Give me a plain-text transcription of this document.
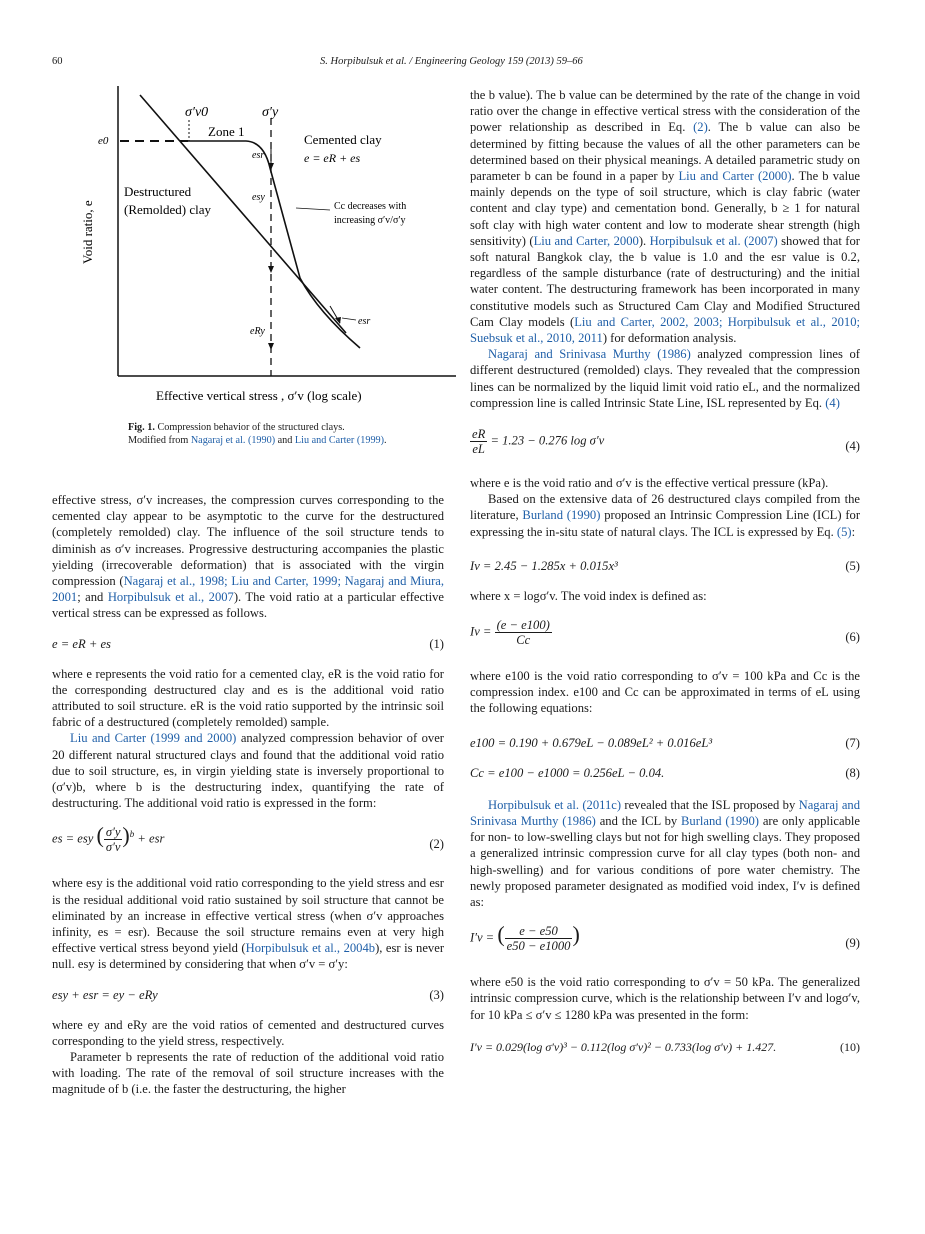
60	S. Horpibulsuk et al. / Engineering Geology 159 (2013) 59–66
σ′v0	σ′y
Zone 1
e0	Cemented clay
e = eR + es
esr
esy
Destructured
(Remolded) clay	Cc decreases with
increasing σ′v/σ′y
Void ratio, e
esr
eRy
Effective vertical stress , σ′v (log scale)
Fig. 1. Compression behavior of the structured clays.
Modified from Nagaraj et al. (1990) and Liu and Carter (1999).

effective stress, σ′v increases, the compression curves corresponding to the cemented clay appear to be asymptotic to the curve for the destructured (completely remolded) clay. The influence of the soil structure tends to diminish as σ′v increases. Progressive destructuring accompanies the plastic yielding (irrecoverable deformation) that is associated with the virgin compression (Nagaraj et al., 1998; Liu and Carter, 1999; Nagaraj and Miura, 2001; and Horpibulsuk et al., 2007). The void ratio at a particular effective vertical stress can be expressed as follows.

e = eR + es	(1)

where e represents the void ratio for a cemented clay, eR is the void ratio for the corresponding destructured clay and es is the additional void ratio attributed to soil structure. eR is the void ratio supported by the intrinsic soil fabric of a destructured (completely remolded) sample.

Liu and Carter (1999 and 2000) analyzed compression behavior of over 20 different natural structured clays and found that the additional void ratio due to soil structure, es, in virgin yielding state is inversely proportional to (σ′v)b, where b is the destructuring index, quantifying the rate of destructuring. The additional void ratio is expressed in the form:

es = esy ( $\frac{\sigma'y}{\sigma'v} )^b$ + esr	(2)

where esy is the additional void ratio corresponding to the yield stress and esr is the residual additional void ratio sustained by soil structure that cannot be eliminated by an increase in effective vertical stress (when σ′v approaches infinity, es = esr). Because the soil structure remains even at very high effective vertical stress beyond yield (Horpibulsuk et al., 2004b), esr is never null. esy is determined by considering that when σ′v = σ′y:

esy + esr = ey − eRy	(3)

where ey and eRy are the void ratios of cemented and destructured curves corresponding to the yield stress, respectively.

Parameter b represents the rate of reduction of the additional void ratio with loading. The rate of the removal of soil structure increases with the magnitude of b (i.e. the faster the destructuring, the higher

the b value). The b value can be determined by the rate of the change in void ratio over the change in effective vertical stress with the consideration of the power relationship as described in Eq. (2). The b value can also be determined by fitting because the values of all the other parameters can be determined based on their physical meanings. A detailed parametric study on parameter b can be found in a paper by Liu and Carter (2000). The b value mainly depends on the type of soil structure, which is clay fabric (water content and clay type) and cementation bond. Generally, b ≥ 1 for natural soft clay with high water content and low to moderate shear strength (high sensitivity) (Liu and Carter, 2000). Horpibulsuk et al. (2007) showed that for soft natural Bangkok clay, the b value is 1.0 and the esr value is 0.2, regardless of the sample disturbance (rate of destructuring) and the initial water content. The destructuring framework has been incorporated in many constitutive models such as Structured Cam Clay and Modified Structured Cam Clay models (Liu and Carter, 2002, 2003; Horpibulsuk et al., 2010; Suebsuk et al., 2010, 2011) for deformation analysis.

Nagaraj and Srinivasa Murthy (1986) analyzed compression lines of different destructured (remolded) clays. They revealed that the compression lines can be normalized by the liquid limit void ratio eL, and the normalized compression line is called Intrinsic State Line, ISL represented by Eq. (4)

$\frac{eR}{eL} = 1.23 - 0.276$ log σ′v	(4)

where e is the void ratio and σ′v is the effective vertical pressure (kPa).

Based on the extensive data of 26 destructured clays compiled from the literature, Burland (1990) proposed an Intrinsic Compression Line (ICL) for expressing the in-situ state of natural clays. The ICL is expressed by Eq. (5):

Iv = 2.45 − 1.285x + 0.015x³	(5)

where x = logσ′v. The void index is defined as:

$Iv = \frac{(e - e100)}{Cc}$	(6)

where e100 is the void ratio corresponding to σ′v = 100 kPa and Cc is the compression index. e100 and Cc can be approximated in terms of eL using the following equations:

e100 = 0.190 + 0.679eL − 0.089eL² + 0.016eL³	(7)
Cc = e100 − e1000 = 0.256eL − 0.04.	(8)

Horpibulsuk et al. (2011c) revealed that the ISL proposed by Nagaraj and Srinivasa Murthy (1986) and the ICL by Burland (1990) are only applicable for non- to low-swelling clays but not for high swelling clays. They proposed a generalized intrinsic compression curve for all clay types (both non- and high-swelling) and for various conditions of pore water chemistry. The newly proposed parameter designated as modified void index, I′v is defined as:

I′v = ( $\frac{e - e50}{e50 - e1000}$ )	(9)

where e50 is the void ratio corresponding to σ′v = 50 kPa. The generalized intrinsic compression curve, which is the relationship between I′v and logσ′v, for 10 kPa ≤ σ′v ≤ 1280 kPa was presented in the form:

I′v = 0.029(log σ′v)³ − 0.112(log σ′v)² − 0.733(log σ′v) + 1.427.	(10)
